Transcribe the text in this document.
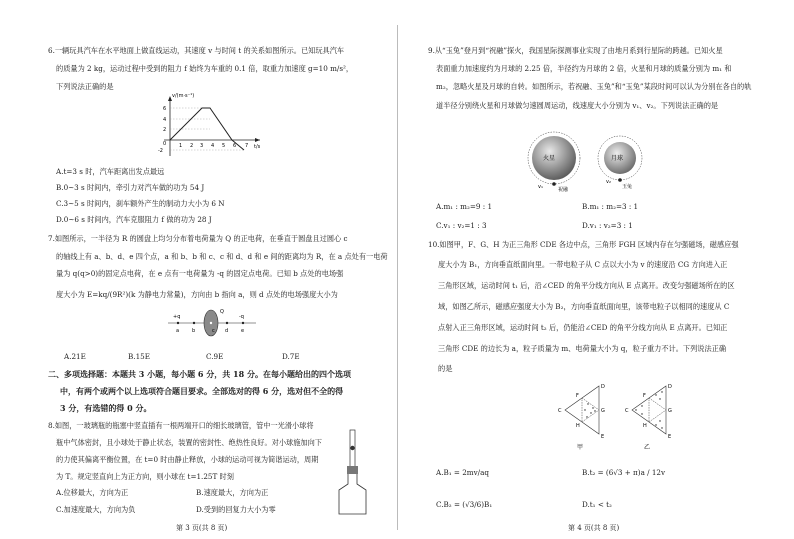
6.一辆玩具汽车在水平地面上做直线运动，其速度 v 与时间 t 的关系如图所示。已知玩具汽车
的质量为 2 kg，运动过程中受到的阻力 f 始终为车重的 0.1 倍，取重力加速度 g=10 m/s²，
下列说法正确的是
v/(m·s⁻¹)
t/s
6
4
2
0
-2
1 2 3 4 5 6 7
A.t=3 s 时，汽车距离出发点最远
B.0~3 s 时间内，牵引力对汽车做的功为 54 J
C.3~5 s 时间内，刹车额外产生的制动力大小为 6 N
D.0~6 s 时间内，汽车克服阻力 f 做的功为 28 J
7.如图所示，一半径为 R 的圆盘上均匀分布着电荷量为 Q 的正电荷，在垂直于圆盘且过圆心 c
的轴线上有 a、b、d、e 四个点，a 和 b、b 和 c、c 和 d、d 和 e 间的距离均为 R，在 a 点处有一电荷
量为 q(q>0)的固定点电荷，在 e 点有一电荷量为 -q 的固定点电荷。已知 b 点处的电场强
度大小为 E=kq/(9R²)(k 为静电力常量)，方向由 b 指向 a，则 d 点处的电场强度大小为
+q
a	b	c d	e
-q
Q
A.21E	B.15E	C.9E	D.7E
二、多项选择题：本题共 3 小题，每小题 6 分，共 18 分。在每小题给出的四个选项
中，有两个或两个以上选项符合题目要求。全部选对的得 6 分，选对但不全的得
3 分，有选错的得 0 分。
8.如图，一玻璃瓶的瓶塞中竖直插有一根两端开口的细长玻璃管，管中一光滑小球将
瓶中气体密封，且小球处于静止状态，装置的密封性、绝热性良好。对小球施加向下
的力使其偏离平衡位置，在 t=0 时由静止释放，小球的运动可视为简谐运动，周期
为 T。规定竖直向上为正方向，则小球在 t=1.25T 时刻
A.位移最大，方向为正	B.速度最大，方向为正
C.加速度最大，方向为负	D.受到的回复力大小为零
第 3 页(共 8 页)
9.从“玉兔”登月到“祝融”探火，我国星际探测事业实现了由地月系到行星际的跨越。已知火星
表面重力加速度约为月球的 2.25 倍，半径约为月球的 2 倍，火星和月球的质量分别为 m₁ 和
m₂，忽略火星及月球的自转。如图所示，若祝融、玉兔”和“玉兔”某段时间可以认为分别在各自的轨
道半径分别绕火星和月球做匀速圆周运动，线速度大小分别为 v₁、v₂。下列说法正确的是
火星	月球
v₁	祝融
v₂
玉兔
A.m₁ : m₂=9 : 1	B.m₁ : m₂=3 : 1
C.v₁ : v₂=1 : 3	D.v₁ : v₂=3 : 1
10.如图甲，F、G、H 为正三角形 CDE 各边中点，三角形 FGH 区域内存在匀强磁场，磁感应强
度大小为 B₁，方向垂直纸面向里。一带电粒子从 C 点以大小为 v 的速度沿 CG 方向进入正
三角形区域，运动时间 t₁ 后，沿∠CED 的角平分线方向从 E 点离开。改变匀强磁场所在的区
域，如图乙所示，磁感应强度大小为 B₂，方向垂直纸面向里，该带电粒子以相同的速度从 C
点射入正三角形区域，运动时间 t₂ 后，仍能沿∠CED 的角平分线方向从 E 点离开。已知正
三角形 CDE 的边长为 a，粒子质量为 m、电荷量大小为 q，粒子重力不计。下列说法正确
的是
C
D
E
F
G
H
甲
C
D
E
F
G
H
乙
A.B₁ = 2mv/aq	B.t₂ = (6√3 + π)a / 12v
C.B₂ = (√3/6)B₁	D.t₁ < t₂
第 4 页(共 8 页)
